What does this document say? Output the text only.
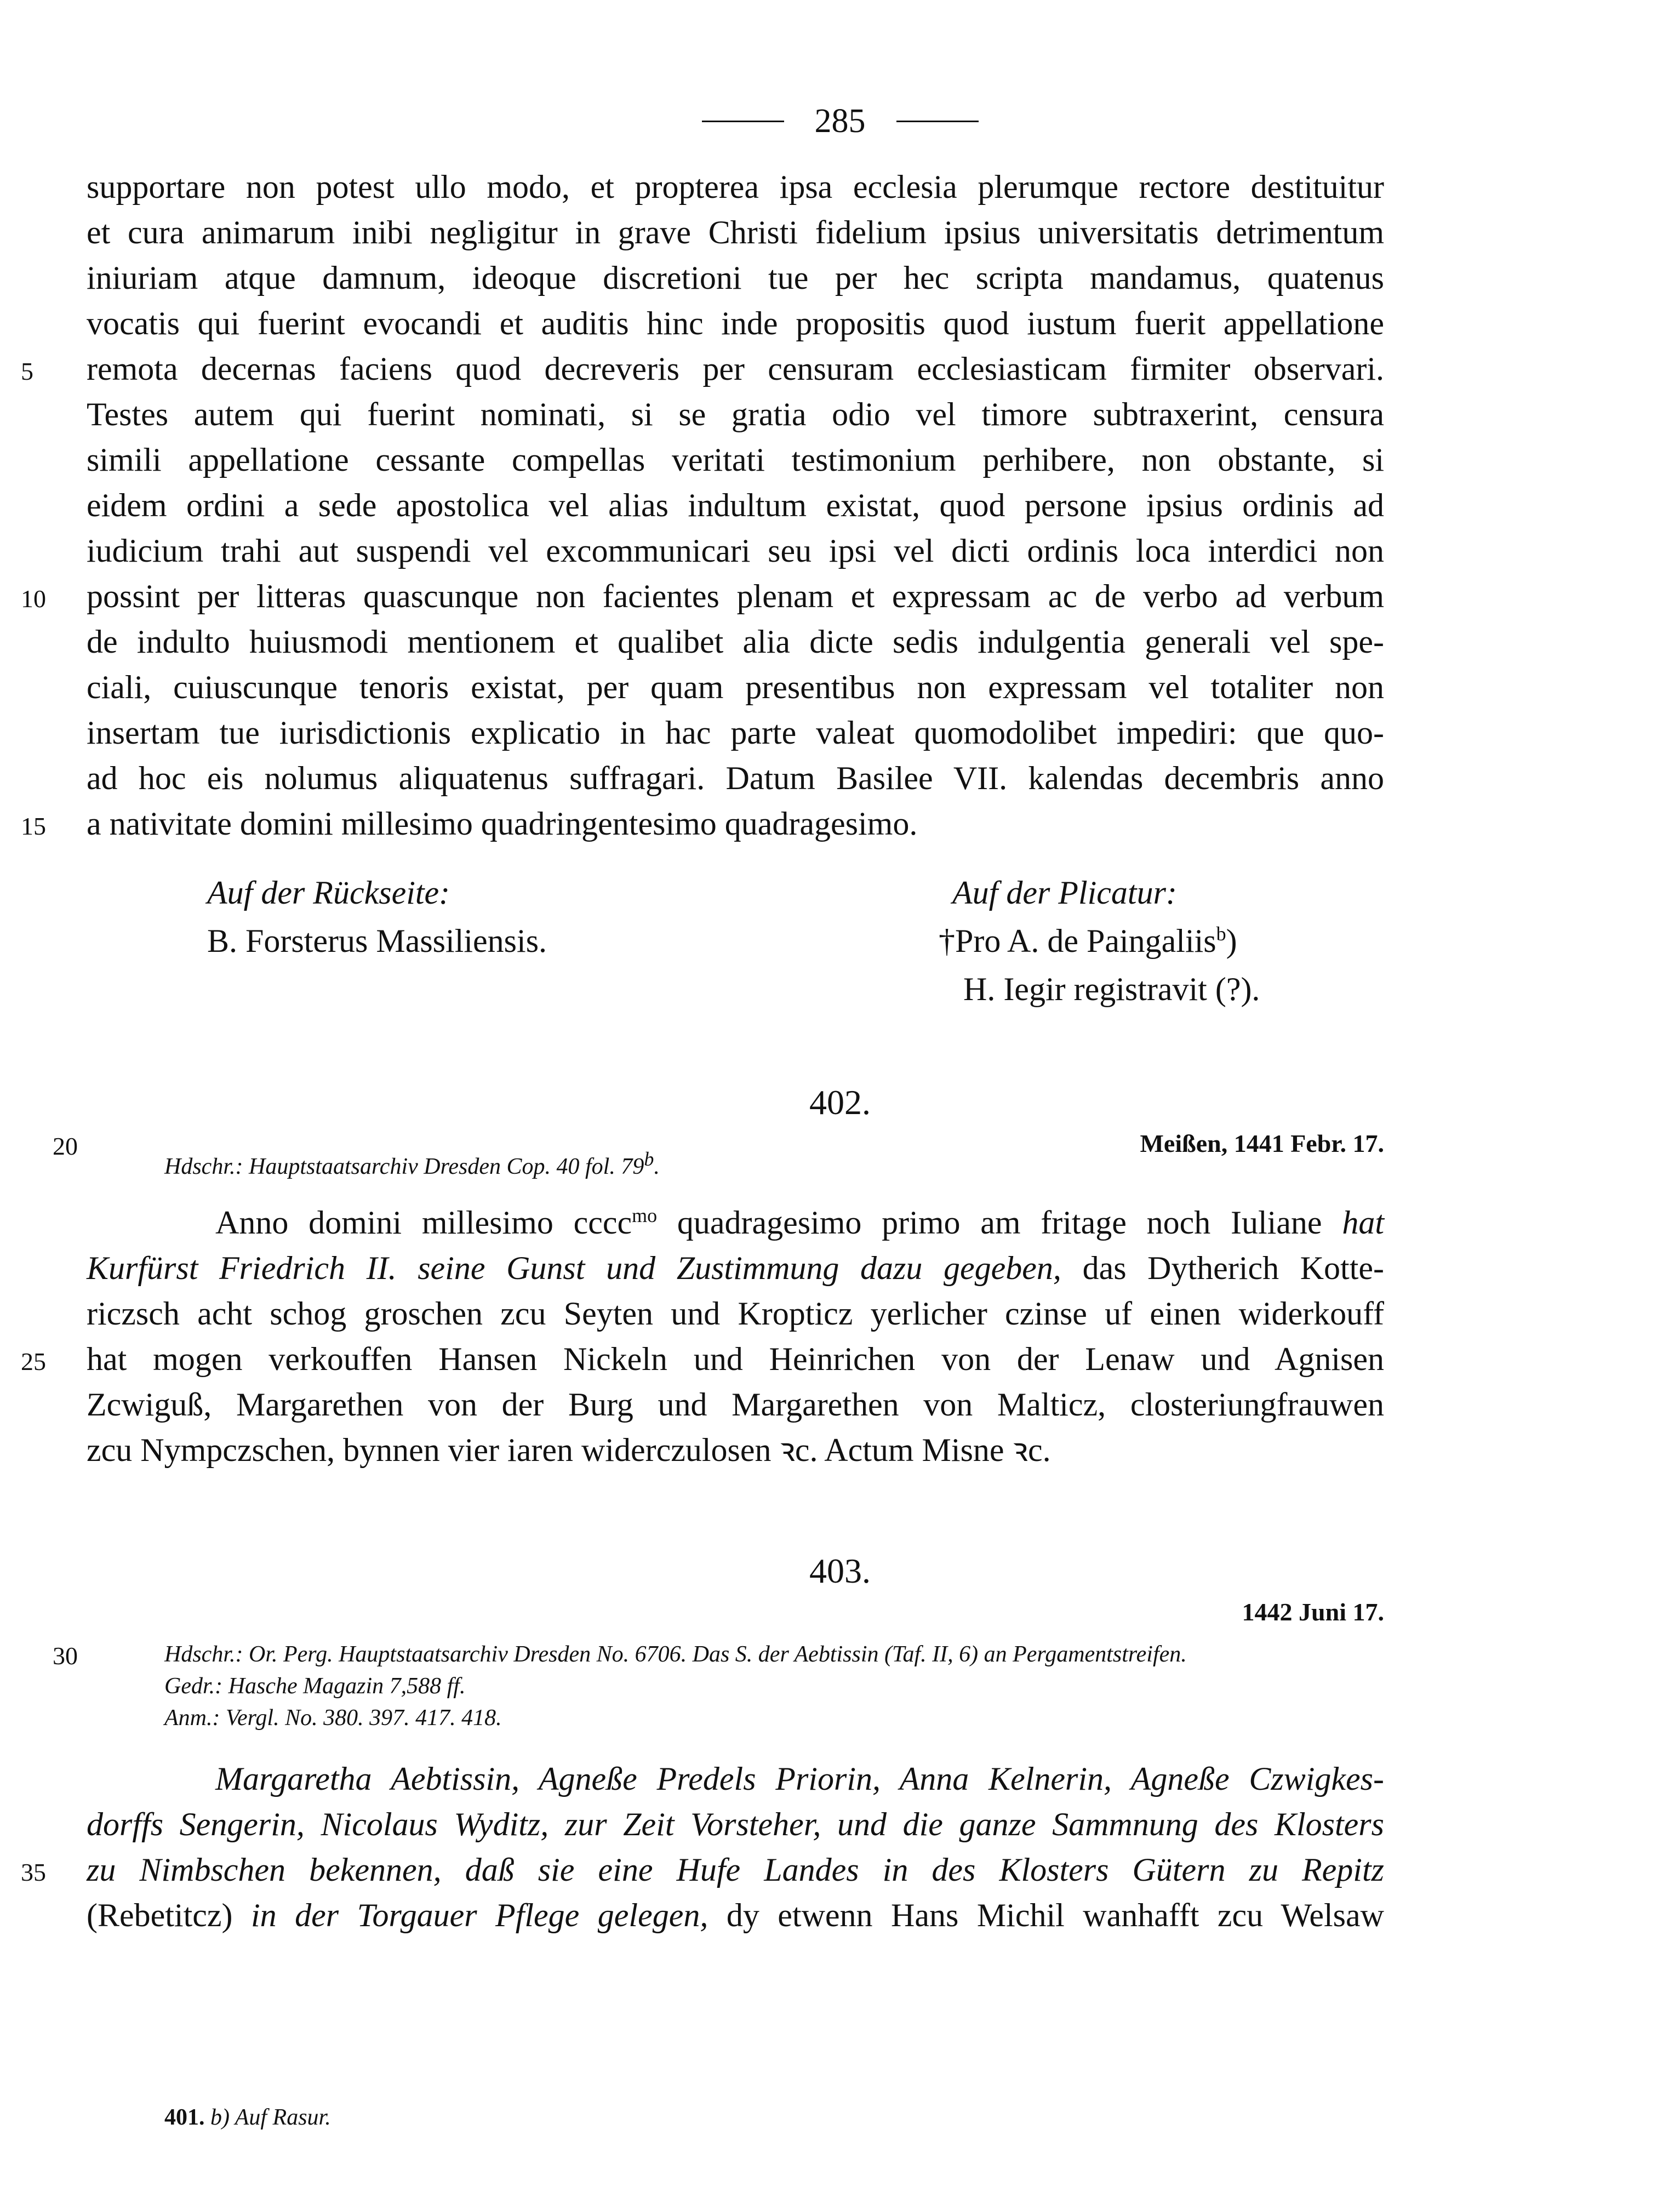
285
supportare non potest ullo modo, et propterea ipsa ecclesia plerumque rectore destituitur
et cura animarum inibi negligitur in grave Christi fidelium ipsius universitatis detrimentum
iniuriam atque damnum, ideoque discretioni tue per hec scripta mandamus, quatenus
vocatis qui fuerint evocandi et auditis hinc inde propositis quod iustum fuerit appellatione
5	remota decernas faciens quod decreveris per censuram ecclesiasticam firmiter observari.
Testes autem qui fuerint nominati, si se gratia odio vel timore subtraxerint, censura
simili appellatione cessante compellas veritati testimonium perhibere, non obstante, si
eidem ordini a sede apostolica vel alias indultum existat, quod persone ipsius ordinis ad
iudicium trahi aut suspendi vel excommunicari seu ipsi vel dicti ordinis loca interdici non
10	possint per litteras quascunque non facientes plenam et expressam ac de verbo ad verbum
de indulto huiusmodi mentionem et qualibet alia dicte sedis indulgentia generali vel spe-
ciali, cuiuscunque tenoris existat, per quam presentibus non expressam vel totaliter non
insertam tue iurisdictionis explicatio in hac parte valeat quomodolibet impediri: que quo-
ad hoc eis nolumus aliquatenus suffragari. Datum Basilee VII. kalendas decembris anno
15	a nativitate domini millesimo quadringentesimo quadragesimo.
Auf der Rückseite:	Auf der Plicatur:
B. Forsterus Massiliensis.	†Pro A. de Paingaliis$^b$)
H. Iegir registravit (?).
402.
20	Meißen, 1441 Febr. 17.
Hdschr.: Hauptstaatsarchiv Dresden Cop. 40 fol. 79$^b$.
Anno domini millesimo cccc$^{mo}$ quadragesimo primo am fritage noch Iuliane hat
Kurfürst Friedrich II. seine Gunst und Zustimmung dazu gegeben, das Dytherich Kotte-
riczsch acht schog groschen zcu Seyten und Kropticz yerlicher czinse uf einen widerkouff
25	hat mogen verkouffen Hansen Nickeln und Heinrichen von der Lenaw und Agnisen
Zcwiguß, Margarethen von der Burg und Margarethen von Malticz, closteriungfrauwen
zcu Nympczschen, bynnen vier iaren widerczulosen ꝛc. Actum Misne ꝛc.
403.
1442 Juni 17.
30	Hdschr.: Or. Perg. Hauptstaatsarchiv Dresden No. 6706. Das S. der Aebtissin (Taf. II, 6) an Pergamentstreifen.
Gedr.: Hasche Magazin 7,588 ff.
Anm.: Vergl. No. 380. 397. 417. 418.
Margaretha Aebtissin, Agneße Predels Priorin, Anna Kelnerin, Agneße Czwigkes-
dorffs Sengerin, Nicolaus Wyditz, zur Zeit Vorsteher, und die ganze Sammnung des Klosters
35	zu Nimbschen bekennen, daß sie eine Hufe Landes in des Klosters Gütern zu Repitz
(Rebetitcz) in der Torgauer Pflege gelegen, dy etwenn Hans Michil wanhafft zcu Welsaw
401. b) Auf Rasur.
